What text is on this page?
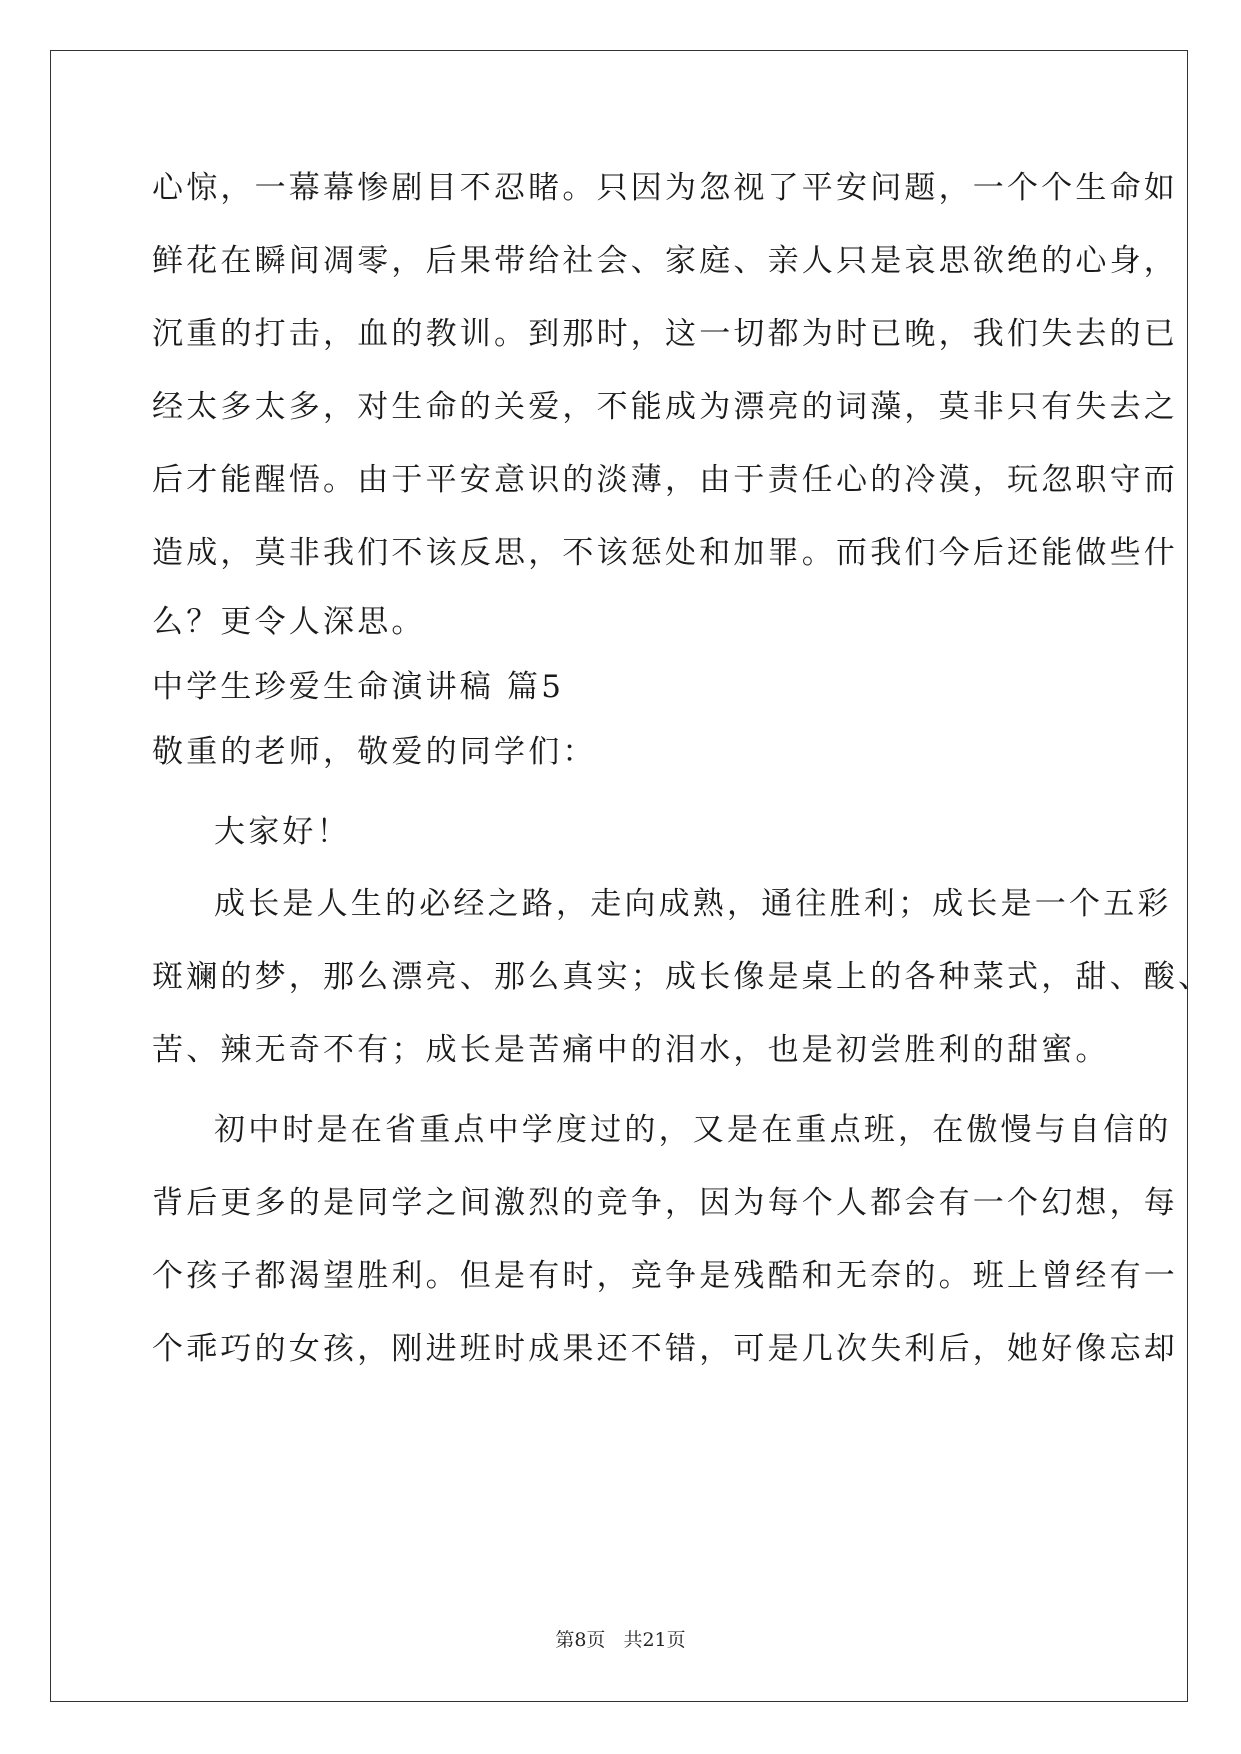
心惊，一幕幕惨剧目不忍睹。只因为忽视了平安问题，一个个生命如
鲜花在瞬间凋零，后果带给社会、家庭、亲人只是哀思欲绝的心身，
沉重的打击，血的教训。到那时，这一切都为时已晚，我们失去的已
经太多太多，对生命的关爱，不能成为漂亮的词藻，莫非只有失去之
后才能醒悟。由于平安意识的淡薄，由于责任心的冷漠，玩忽职守而
造成，莫非我们不该反思，不该惩处和加罪。而我们今后还能做些什
么？更令人深思。
中学生珍爱生命演讲稿 篇5
敬重的老师，敬爱的同学们：
大家好！
成长是人生的必经之路，走向成熟，通往胜利；成长是一个五彩
斑斓的梦，那么漂亮、那么真实；成长像是桌上的各种菜式，甜、酸、
苦、辣无奇不有；成长是苦痛中的泪水，也是初尝胜利的甜蜜。
初中时是在省重点中学度过的，又是在重点班，在傲慢与自信的
背后更多的是同学之间激烈的竞争，因为每个人都会有一个幻想，每
个孩子都渴望胜利。但是有时，竞争是残酷和无奈的。班上曾经有一
个乖巧的女孩，刚进班时成果还不错，可是几次失利后，她好像忘却
第8页 共21页
